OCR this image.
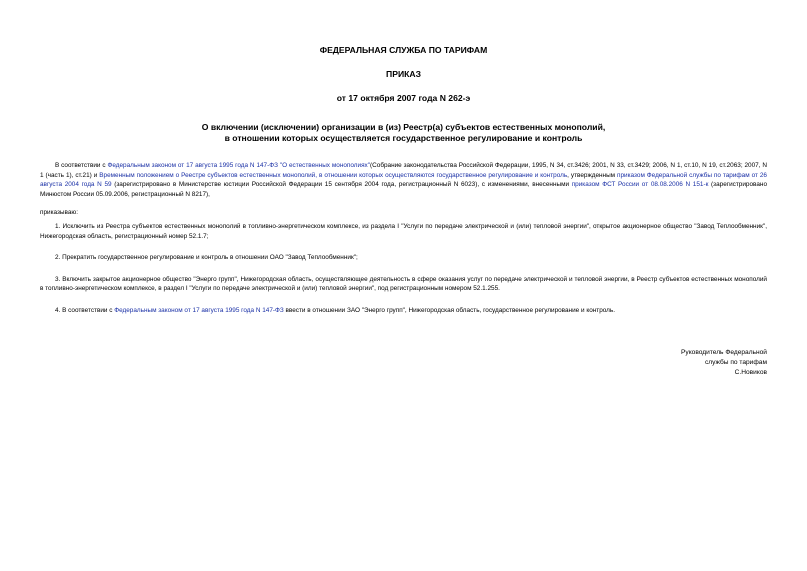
ФЕДЕРАЛЬНАЯ СЛУЖБА ПО ТАРИФАМ
ПРИКАЗ
от 17 октября 2007 года N 262-э
О включении (исключении) организации в (из) Реестр(а) субъектов естественных монополий,
в отношении которых осуществляется государственное регулирование и контроль

В соответствии с Федеральным законом от 17 августа 1995 года N 147-ФЗ "О естественных монополиях"(Собрание законодательства Российской Федерации, 1995, N 34, ст.3426; 2001, N 33, ст.3429; 2006, N 1, ст.10, N 19, ст.2063; 2007, N 1 (часть 1), ст.21) и Временным положением о Реестре субъектов естественных монополий, в отношении которых осуществляются государственное регулирование и контроль, утвержденным приказом Федеральной службы по тарифам от 26 августа 2004 года N 59 (зарегистрировано в Министерстве юстиции Российской Федерации 15 сентября 2004 года, регистрационный N 6023), с изменениями, внесенными приказом ФСТ России от 08.08.2006 N 151-к (зарегистрировано Минюстом России 05.09.2006, регистрационный N 8217),

приказываю:

1. Исключить из Реестра субъектов естественных монополий в топливно-энергетическом комплексе, из раздела I "Услуги по передаче электрической и (или) тепловой энергии", открытое акционерное общество "Завод Теплообменник", Нижегородская область, регистрационный номер 52.1.7;

2. Прекратить государственное регулирование и контроль в отношении ОАО "Завод Теплообменник";

3. Включить закрытое акционерное общество "Энерго групп", Нижегородская область, осуществляющее деятельность в сфере оказания услуг по передаче электрической и тепловой энергии, в Реестр субъектов естественных монополий в топливно-энергетическом комплексе, в раздел I "Услуги по передаче электрической и (или) тепловой энергии", под регистрационным номером 52.1.255.

4. В соответствии с Федеральным законом от 17 августа 1995 года N 147-ФЗ ввести в отношении ЗАО "Энерго групп", Нижегородская область, государственное регулирование и контроль.

Руководитель Федеральной
службы по тарифам
С.Новиков
